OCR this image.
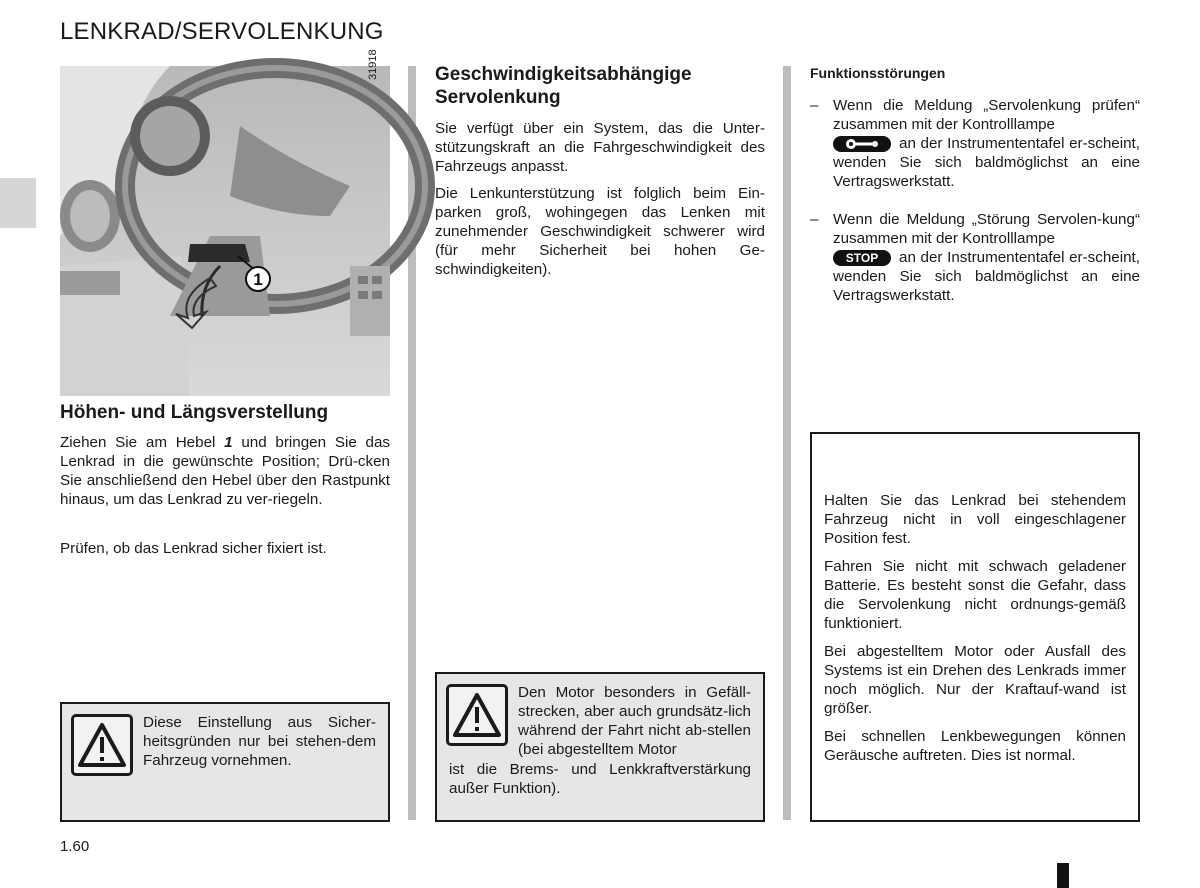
LENKRAD/SERVOLENKUNG
1
31918
Höhen- und Längsverstellung

Ziehen Sie am Hebel 1 und bringen Sie das Lenkrad in die gewünschte Position; Drü-cken Sie anschließend den Hebel über den Rastpunkt hinaus, um das Lenkrad zu ver-riegeln.

Prüfen, ob das Lenkrad sicher fixiert ist.

Diese Einstellung aus Sicher-heitsgründen nur bei stehen-dem Fahrzeug vornehmen.

Geschwindigkeitsabhängige Servolenkung

Sie verfügt über ein System, das die Unter-stützungskraft an die Fahrgeschwindigkeit des Fahrzeugs anpasst.

Die Lenkunterstützung ist folglich beim Ein-parken groß, wohingegen das Lenken mit zunehmender Geschwindigkeit schwerer wird (für mehr Sicherheit bei hohen Ge-schwindigkeiten).

Den Motor besonders in Gefäll-strecken, aber auch grundsätz-lich während der Fahrt nicht ab-stellen (bei abgestelltem Motor

ist die Brems- und Lenkkraftverstärkung außer Funktion).

Funktionsstörungen
– Wenn die Meldung „Servolenkung prüfen“ zusammen mit der Kontrolllampe
an der Instrumententafel er-scheint, wenden Sie sich baldmöglichst an eine Vertragswerkstatt.
– Wenn die Meldung „Störung Servolen-kung“ zusammen mit der Kontrolllampe
STOP an der Instrumententafel er-scheint, wenden Sie sich baldmöglichst an eine Vertragswerkstatt.

Halten Sie das Lenkrad bei stehendem Fahrzeug nicht in voll eingeschlagener Position fest.

Fahren Sie nicht mit schwach geladener Batterie. Es besteht sonst die Gefahr, dass die Servolenkung nicht ordnungs-gemäß funktioniert.

Bei abgestelltem Motor oder Ausfall des Systems ist ein Drehen des Lenkrads immer noch möglich. Nur der Kraftauf-wand ist größer.

Bei schnellen Lenkbewegungen können Geräusche auftreten. Dies ist normal.

1.60
